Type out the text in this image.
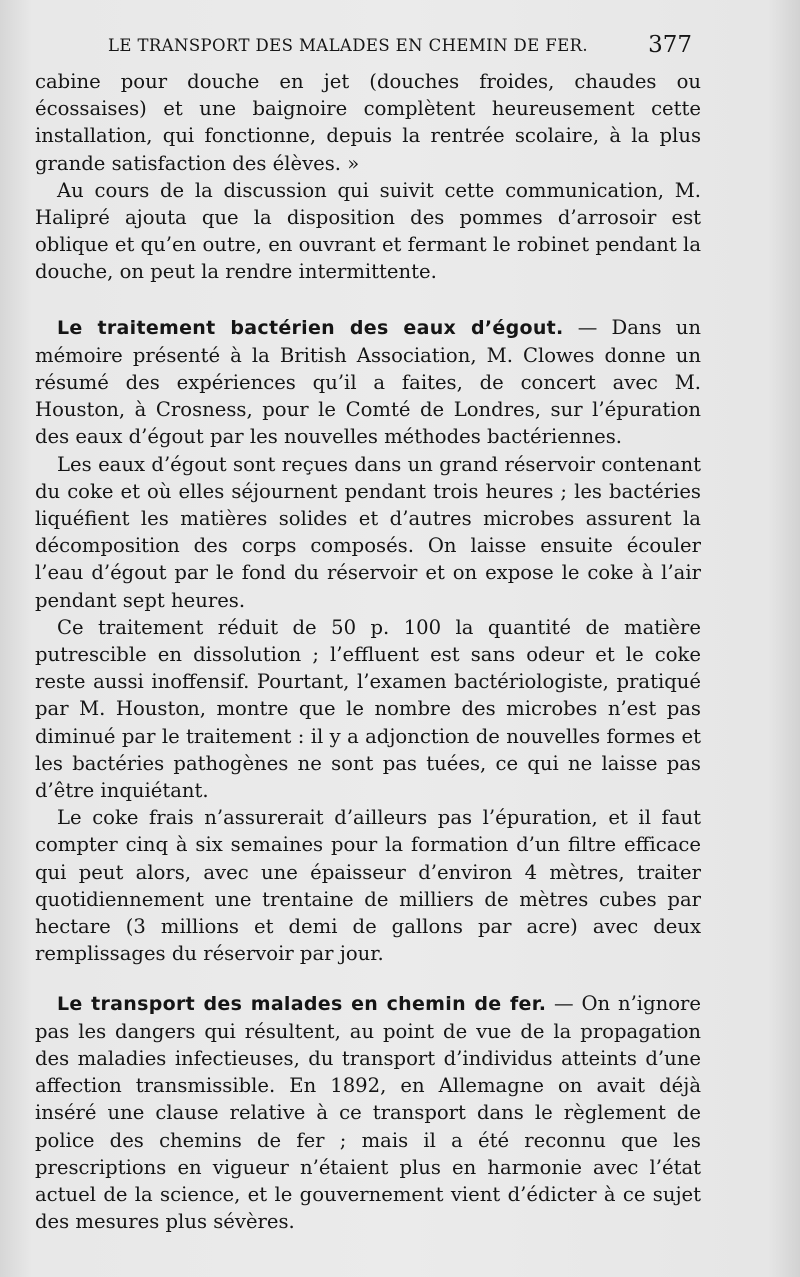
LE TRANSPORT DES MALADES EN CHEMIN DE FER.	377

cabine pour douche en jet (douches froides, chaudes ou écossaises) et une baignoire complètent heureusement cette installation, qui fonctionne, depuis la rentrée scolaire, à la plus grande satisfaction des élèves. »

Au cours de la discussion qui suivit cette communication, M. Halipré ajouta que la disposition des pommes d’arrosoir est oblique et qu’en outre, en ouvrant et fermant le robinet pendant la douche, on peut la rendre intermittente.

Le traitement bactérien des eaux d’égout. — Dans un mémoire présenté à la British Association, M. Clowes donne un résumé des expériences qu’il a faites, de concert avec M. Houston, à Crosness, pour le Comté de Londres, sur l’épuration des eaux d’égout par les nouvelles méthodes bactériennes.

Les eaux d’égout sont reçues dans un grand réservoir contenant du coke et où elles séjournent pendant trois heures ; les bactéries liquéfient les matières solides et d’autres microbes assurent la décomposition des corps composés. On laisse ensuite écouler l’eau d’égout par le fond du réservoir et on expose le coke à l’air pendant sept heures.

Ce traitement réduit de 50 p. 100 la quantité de matière putrescible en dissolution ; l’effluent est sans odeur et le coke reste aussi inoffensif. Pourtant, l’examen bactériologiste, pratiqué par M. Houston, montre que le nombre des microbes n’est pas diminué par le traitement : il y a adjonction de nouvelles formes et les bactéries pathogènes ne sont pas tuées, ce qui ne laisse pas d’être inquiétant.

Le coke frais n’assurerait d’ailleurs pas l’épuration, et il faut compter cinq à six semaines pour la formation d’un filtre efficace qui peut alors, avec une épaisseur d’environ 4 mètres, traiter quotidiennement une trentaine de milliers de mètres cubes par hectare (3 millions et demi de gallons par acre) avec deux remplissages du réservoir par jour.

Le transport des malades en chemin de fer. — On n’ignore pas les dangers qui résultent, au point de vue de la propagation des maladies infectieuses, du transport d’individus atteints d’une affection transmissible. En 1892, en Allemagne on avait déjà inséré une clause relative à ce transport dans le règlement de police des chemins de fer ; mais il a été reconnu que les prescriptions en vigueur n’étaient plus en harmonie avec l’état actuel de la science, et le gouvernement vient d’édicter à ce sujet des mesures plus sévères.
